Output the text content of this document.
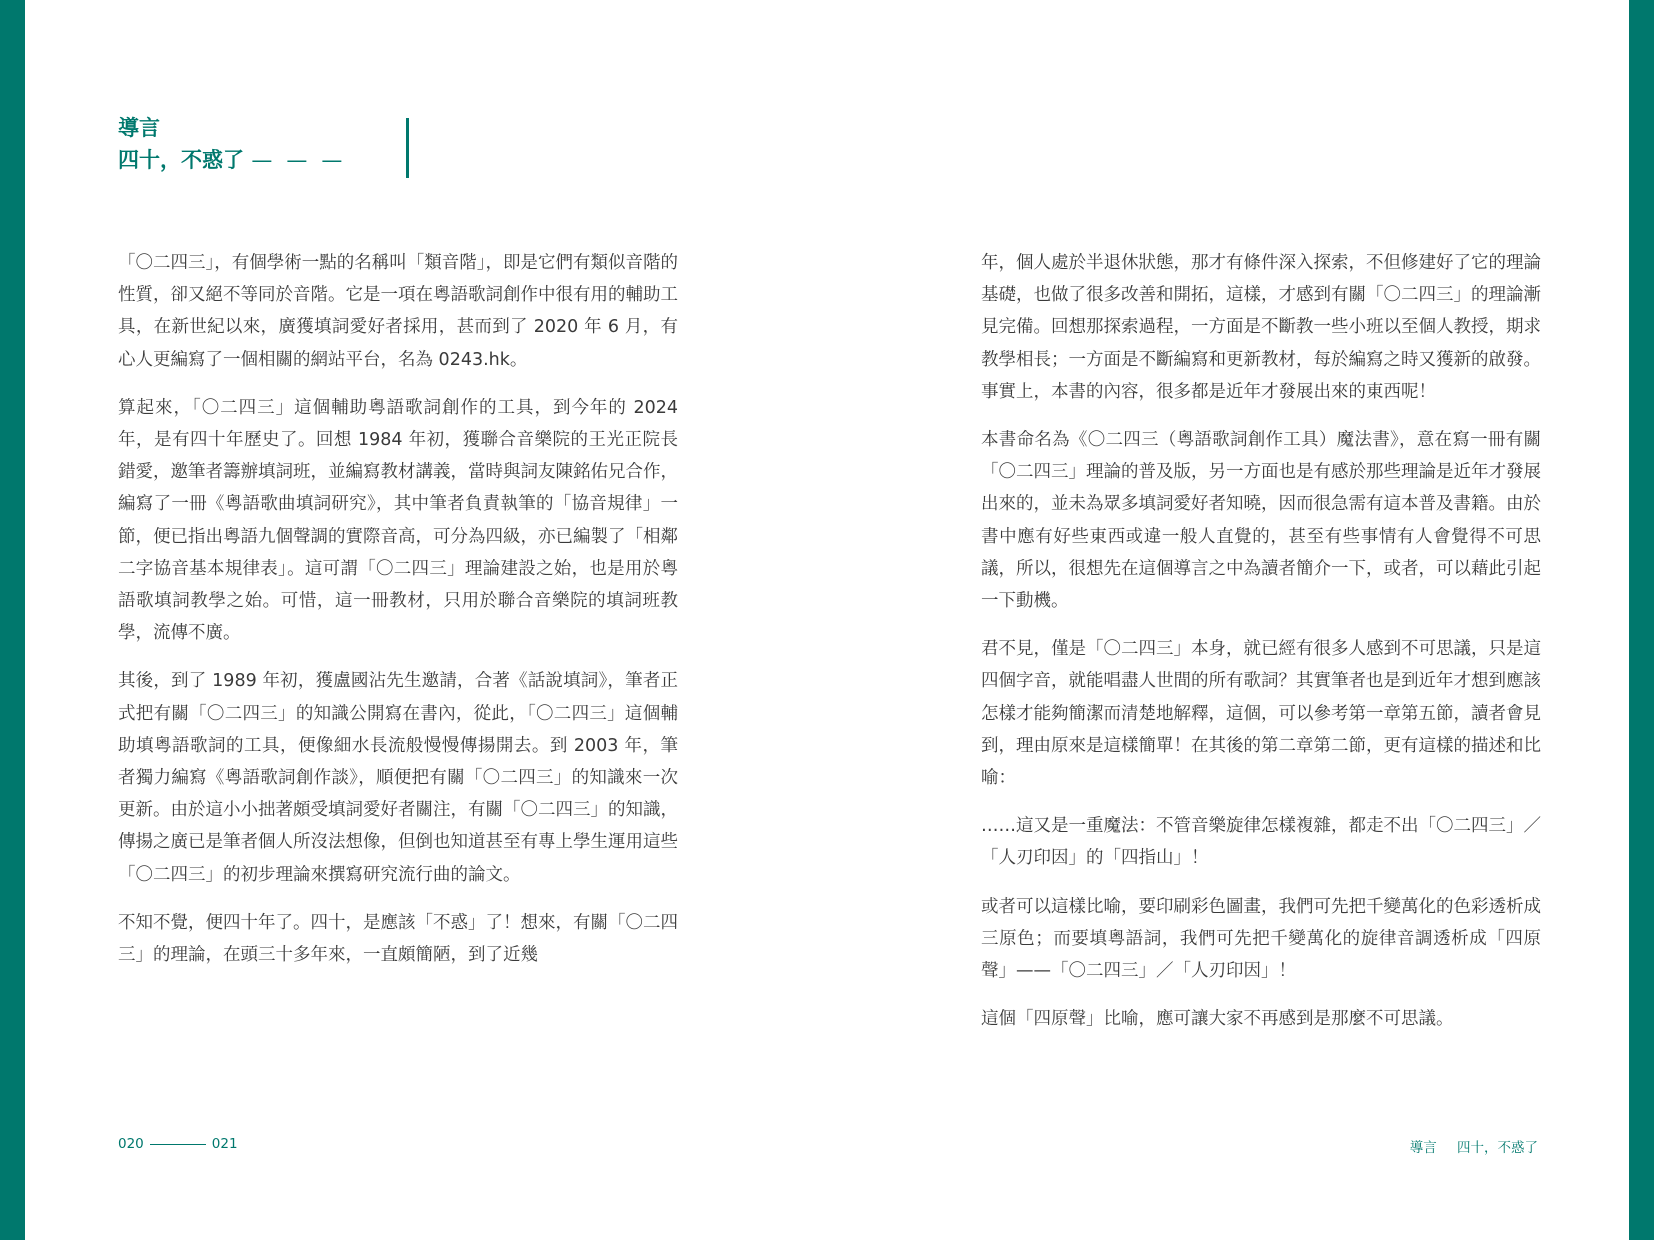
導言
四十，不惑了 ———

「〇二四三」，有個學術一點的名稱叫「類音階」，即是它們有類似音階的性質，卻又絕不等同於音階。它是一項在粵語歌詞創作中很有用的輔助工具，在新世紀以來，廣獲填詞愛好者採用，甚而到了 2020 年 6 月，有心人更編寫了一個相關的網站平台，名為 0243.hk。

算起來，「〇二四三」這個輔助粵語歌詞創作的工具，到今年的 2024 年，是有四十年歷史了。回想 1984 年初，獲聯合音樂院的王光正院長錯愛，邀筆者籌辦填詞班，並編寫教材講義，當時與詞友陳銘佑兄合作，編寫了一冊《粵語歌曲填詞研究》，其中筆者負責執筆的「協音規律」一節，便已指出粵語九個聲調的實際音高，可分為四級，亦已編製了「相鄰二字協音基本規律表」。這可謂「〇二四三」理論建設之始，也是用於粵語歌填詞教學之始。可惜，這一冊教材，只用於聯合音樂院的填詞班教學，流傳不廣。

其後，到了 1989 年初，獲盧國沾先生邀請，合著《話說填詞》，筆者正式把有關「〇二四三」的知識公開寫在書內，從此，「〇二四三」這個輔助填粵語歌詞的工具，便像細水長流般慢慢傳揚開去。到 2003 年，筆者獨力編寫《粵語歌詞創作談》，順便把有關「〇二四三」的知識來一次更新。由於這小小拙著頗受填詞愛好者關注，有關「〇二四三」的知識，傳揚之廣已是筆者個人所沒法想像，但倒也知道甚至有專上學生運用這些「〇二四三」的初步理論來撰寫研究流行曲的論文。

不知不覺，便四十年了。四十，是應該「不惑」了！想來，有關「〇二四三」的理論，在頭三十多年來，一直頗簡陋，到了近幾

年，個人處於半退休狀態，那才有條件深入探索，不但修建好了它的理論基礎，也做了很多改善和開拓，這樣，才感到有關「〇二四三」的理論漸見完備。回想那探索過程，一方面是不斷教一些小班以至個人教授，期求教學相長；一方面是不斷編寫和更新教材，每於編寫之時又獲新的啟發。事實上，本書的內容，很多都是近年才發展出來的東西呢！

本書命名為《〇二四三（粵語歌詞創作工具）魔法書》，意在寫一冊有關「〇二四三」理論的普及版，另一方面也是有感於那些理論是近年才發展出來的，並未為眾多填詞愛好者知曉，因而很急需有這本普及書籍。由於書中應有好些東西或違一般人直覺的，甚至有些事情有人會覺得不可思議，所以，很想先在這個導言之中為讀者簡介一下，或者，可以藉此引起一下動機。

君不見，僅是「〇二四三」本身，就已經有很多人感到不可思議，只是這四個字音，就能唱盡人世間的所有歌詞？其實筆者也是到近年才想到應該怎樣才能夠簡潔而清楚地解釋，這個，可以參考第一章第五節，讀者會見到，理由原來是這樣簡單！在其後的第二章第二節，更有這樣的描述和比喻：

……這又是一重魔法：不管音樂旋律怎樣複雜，都走不出「〇二四三」／「人刃印因」的「四指山」！

或者可以這樣比喻，要印刷彩色圖畫，我們可先把千變萬化的色彩透析成三原色；而要填粵語詞，我們可先把千變萬化的旋律音調透析成「四原聲」——「〇二四三」／「人刃印因」！

這個「四原聲」比喻，應可讓大家不再感到是那麼不可思議。

020	021	導言 四十，不惑了
